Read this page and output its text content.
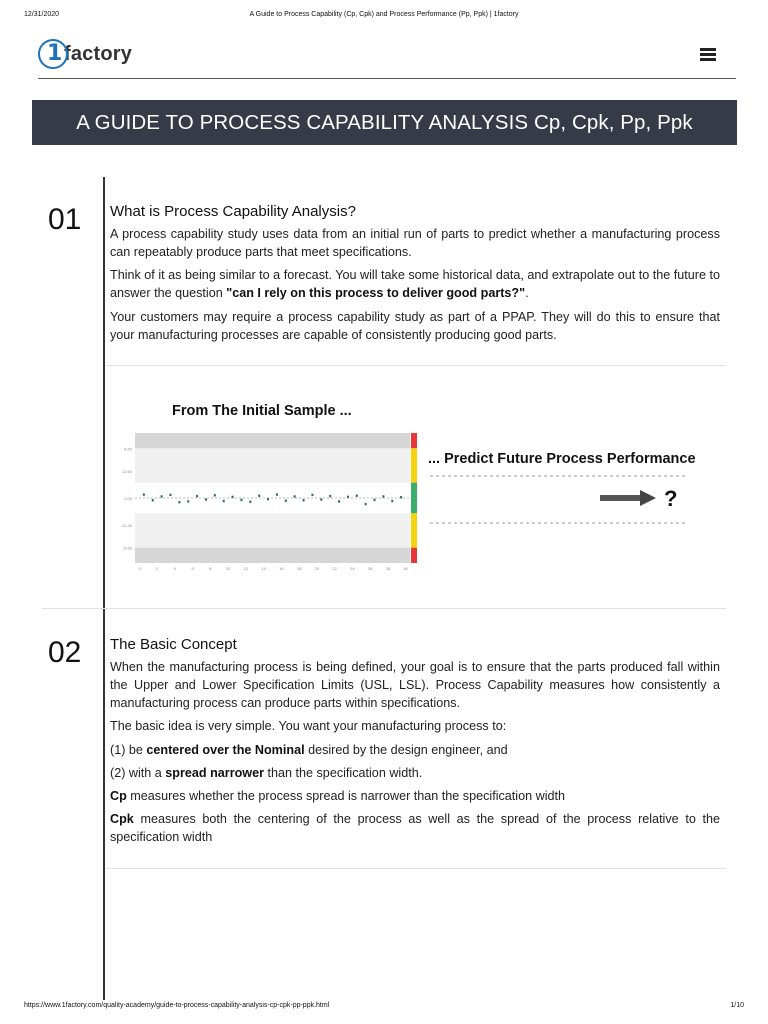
12/31/2020	A Guide to Process Capability (Cp, Cpk) and Process Performance (Pp, Ppk) | 1factory
https://www.1factory.com/quality-academy/guide-to-process-capability-analysis-cp-cpk-pp-ppk.html	1/10
1 factory
A GUIDE TO PROCESS CAPABILITY ANALYSIS Cp, Cpk, Pp, Ppk
01 What is Process Capability Analysis?
A process capability study uses data from an initial run of parts to predict whether a manufacturing process can repeatably produce parts that meet specifications.
Think of it as being similar to a forecast. You will take some historical data, and extrapolate out to the future to answer the question "can I rely on this process to deliver good parts?".
Your customers may require a process capability study as part of a PPAP. They will do this to ensure that your manufacturing processes are capable of consistently producing good parts.
From The Initial Sample ...
... Predict Future Process Performance
6.60
12.60
0.00
-12.45
-6.60
0	2	4	6	8	10	12	14	16	18	20	22	24	26	28	30
?
02 The Basic Concept
When the manufacturing process is being defined, your goal is to ensure that the parts produced fall within the Upper and Lower Specification Limits (USL, LSL). Process Capability measures how consistently a manufacturing process can produce parts within specifications.
The basic idea is very simple. You want your manufacturing process to:
(1) be centered over the Nominal desired by the design engineer, and
(2) with a spread narrower than the specification width.
Cp measures whether the process spread is narrower than the specification width
Cpk measures both the centering of the process as well as the spread of the process relative to the specification width
